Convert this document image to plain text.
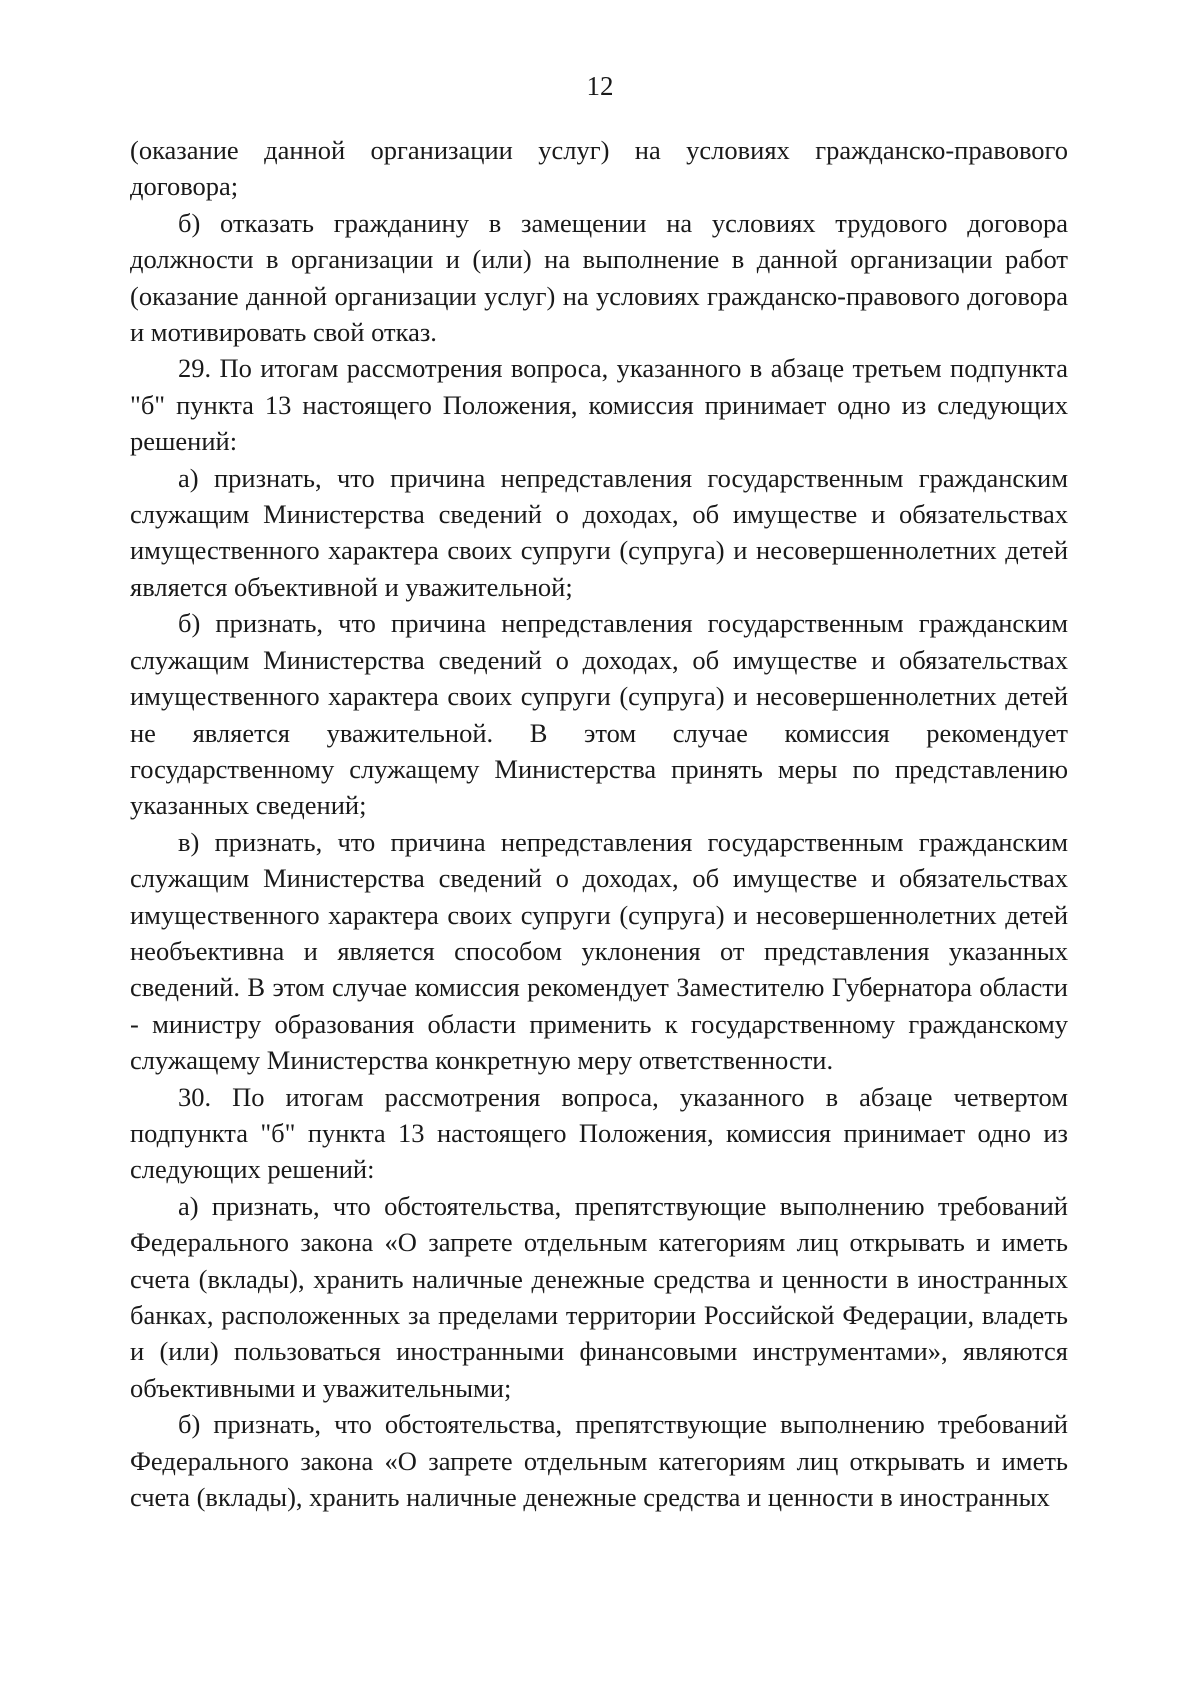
12

(оказание данной организации услуг) на условиях гражданско-правового договора;

б) отказать гражданину в замещении на условиях трудового договора должности в организации и (или) на выполнение в данной организации работ (оказание данной организации услуг) на условиях гражданско-правового договора и мотивировать свой отказ.

29. По итогам рассмотрения вопроса, указанного в абзаце третьем подпункта "б" пункта 13 настоящего Положения, комиссия принимает одно из следующих решений:

а) признать, что причина непредставления государственным гражданским служащим Министерства сведений о доходах, об имуществе и обязательствах имущественного характера своих супруги (супруга) и несовершеннолетних детей является объективной и уважительной;

б) признать, что причина непредставления государственным гражданским служащим Министерства сведений о доходах, об имуществе и обязательствах имущественного характера своих супруги (супруга) и несовершеннолетних детей не является уважительной. В этом случае комиссия рекомендует государственному служащему Министерства принять меры по представлению указанных сведений;

в) признать, что причина непредставления государственным гражданским служащим Министерства сведений о доходах, об имуществе и обязательствах имущественного характера своих супруги (супруга) и несовершеннолетних детей необъективна и является способом уклонения от представления указанных сведений. В этом случае комиссия рекомендует Заместителю Губернатора области - министру образования области применить к государственному гражданскому служащему Министерства конкретную меру ответственности.

30. По итогам рассмотрения вопроса, указанного в абзаце четвертом подпункта "б" пункта 13 настоящего Положения, комиссия принимает одно из следующих решений:

а) признать, что обстоятельства, препятствующие выполнению требований Федерального закона «О запрете отдельным категориям лиц открывать и иметь счета (вклады), хранить наличные денежные средства и ценности в иностранных банках, расположенных за пределами территории Российской Федерации, владеть и (или) пользоваться иностранными финансовыми инструментами», являются объективными и уважительными;

б) признать, что обстоятельства, препятствующие выполнению требований Федерального закона «О запрете отдельным категориям лиц открывать и иметь счета (вклады), хранить наличные денежные средства и ценности в иностранных
